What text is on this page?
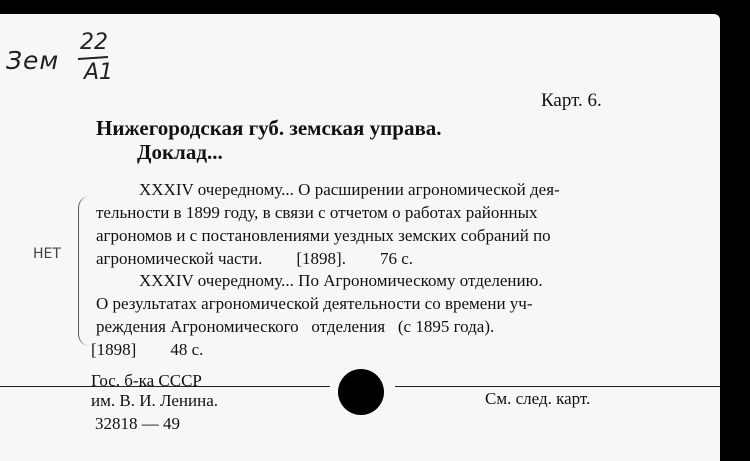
Зем
22
А1
Карт. 6.
Нижегородская губ. земская управа.
Доклад...
НЕТ
XXXIV очередному... О расширении агрономической дея-
тельности в 1899 году, в связи с отчетом о работах районных
агрономов и с постановлениями уездных земских собраний по
агрономической части.        [1898].        76 с.
XXXIV очередному... По Агрономическому отделению.
О результатах агрономической деятельности со времени уч-
реждения Агрономического   отделения   (с 1895 года).
[1898]        48 с.
Гос. б-ка СССР
им. В. И. Ленина.
32818 — 49
См. след. карт.
